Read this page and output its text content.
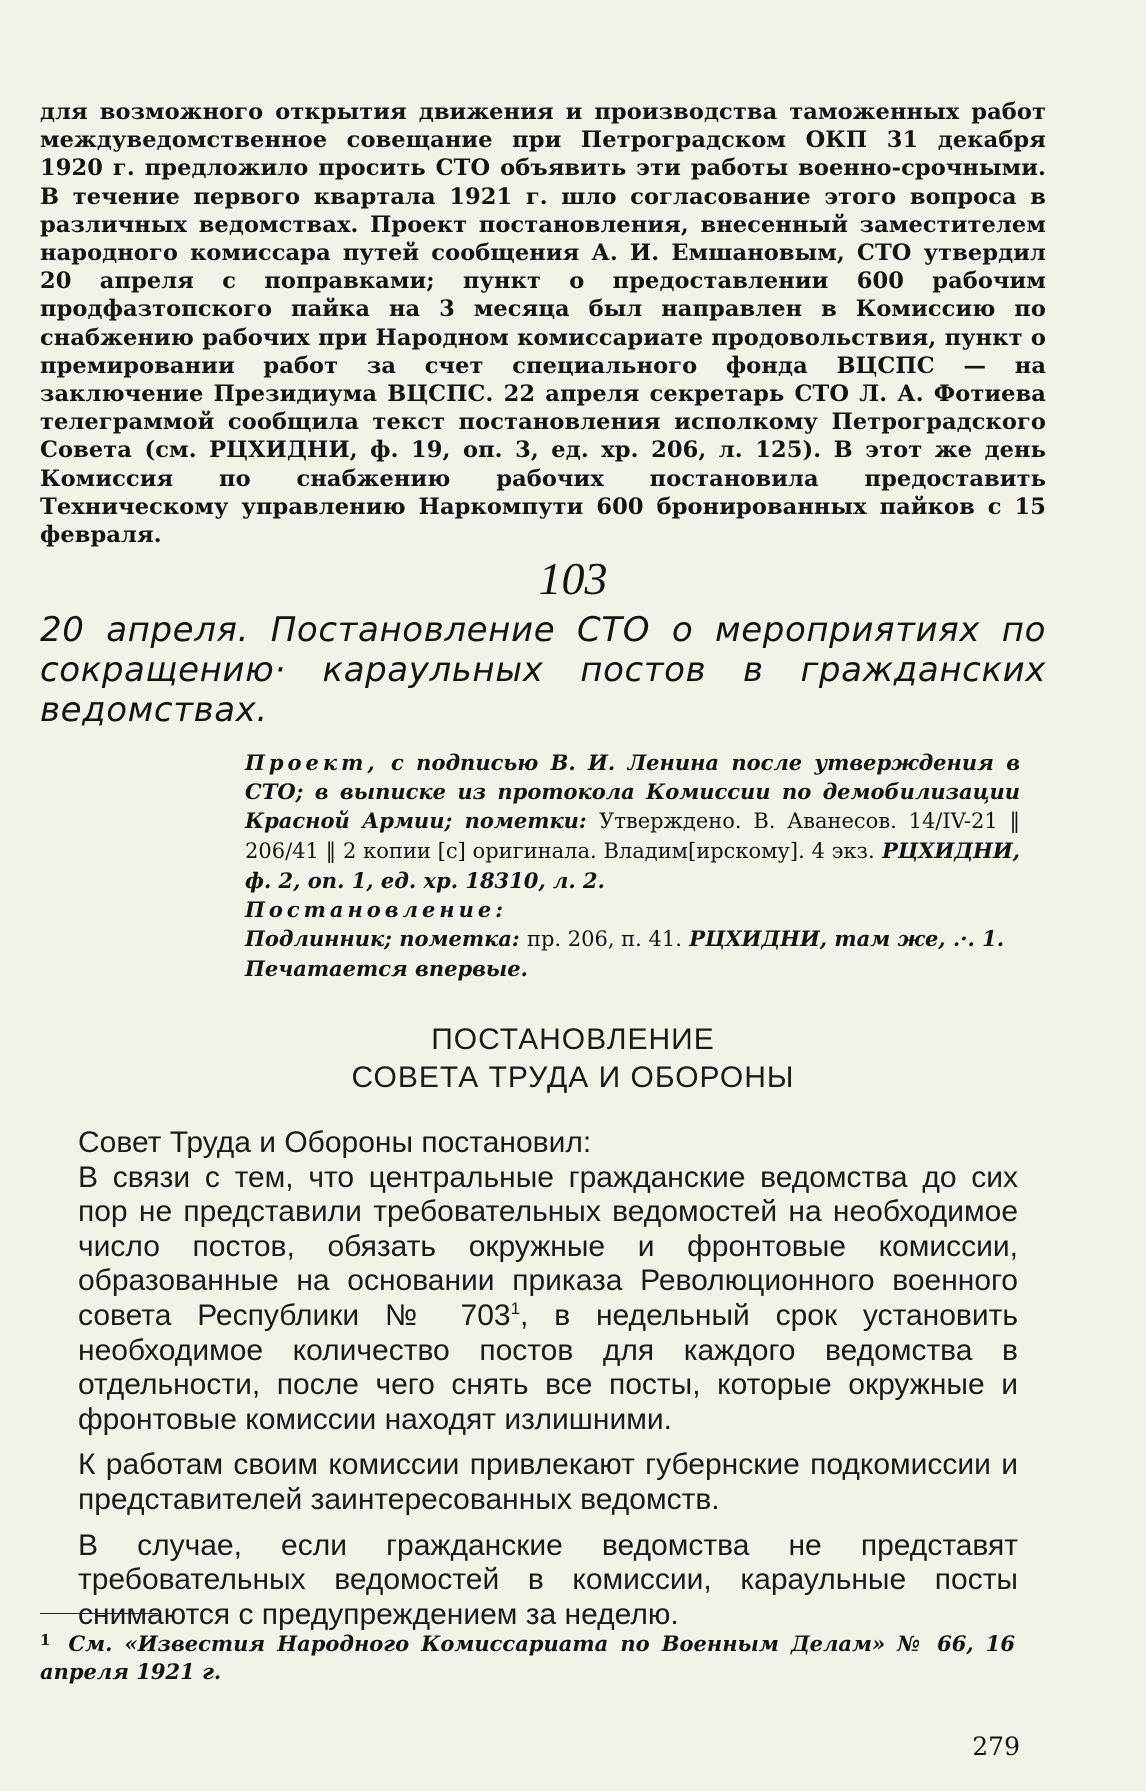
для возможного открытия движения и производства таможенных работ междуведомственное совещание при Петроградском ОКП 31 декабря 1920 г. предложило просить СТО объявить эти работы военно-срочными. В течение первого квартала 1921 г. шло согласование этого вопроса в различных ведомствах. Проект постановления, внесенный заместителем народного комиссара путей сообщения А. И. Емшановым, СТО утвердил 20 апреля с поправками; пункт о предоставлении 600 рабочим продфазтопского пайка на 3 месяца был направлен в Комиссию по снабжению рабочих при Народном комиссариате продовольствия, пункт о премировании работ за счет специального фонда ВЦСПС — на заключение Президиума ВЦСПС. 22 апреля секретарь СТО Л. А. Фотиева телеграммой сообщила текст постановления исполкому Петроградского Совета (см. РЦХИДНИ, ф. 19, оп. 3, ед. хр. 206, л. 125). В этот же день Комиссия по снабжению рабочих постановила предоставить Техническому управлению Наркомпути 600 бронированных пайков с 15 февраля.

103

20 апреля. Постановление СТО о мероприятиях по сокращению· караульных постов в гражданских ведомствах.

Проект, с подписью В. И. Ленина после утверждения в СТО; в выписке из протокола Комиссии по демобилизации Красной Армии; пометки: Утверждено. В. Аванесов. 14/IV-21 ‖ 206/41 ‖ 2 копии [с] оригинала. Владим[ирскому]. 4 экз. РЦХИДНИ, ф. 2, оп. 1, ед. хр. 18310, л. 2.

Постановление:

Подлинник; пометка: пр. 206, п. 41. РЦХИДНИ, там же, .·. 1.

Печатается впервые.

ПОСТАНОВЛЕНИЕ
СОВЕТА ТРУДА И ОБОРОНЫ

Совет Труда и Обороны постановил:

В связи с тем, что центральные гражданские ведомства до сих пор не представили требовательных ведомостей на необходимое число постов, обязать окружные и фронтовые комиссии, образованные на основании приказа Революционного военного совета Республики № $703^1$, в недельный срок установить необходимое количество постов для каждого ведомства в отдельности, после чего снять все посты, которые окружные и фронтовые комиссии находят излишними.

К работам своим комиссии привлекают губернские подкомиссии и представителей заинтересованных ведомств.

В случае, если гражданские ведомства не представят требовательных ведомостей в комиссии, караульные посты снимаются с предупреждением за неделю.

$^1$ См. «Известия Народного Комиссариата по Военным Делам» № 66, 16 апреля 1921 г.
279
